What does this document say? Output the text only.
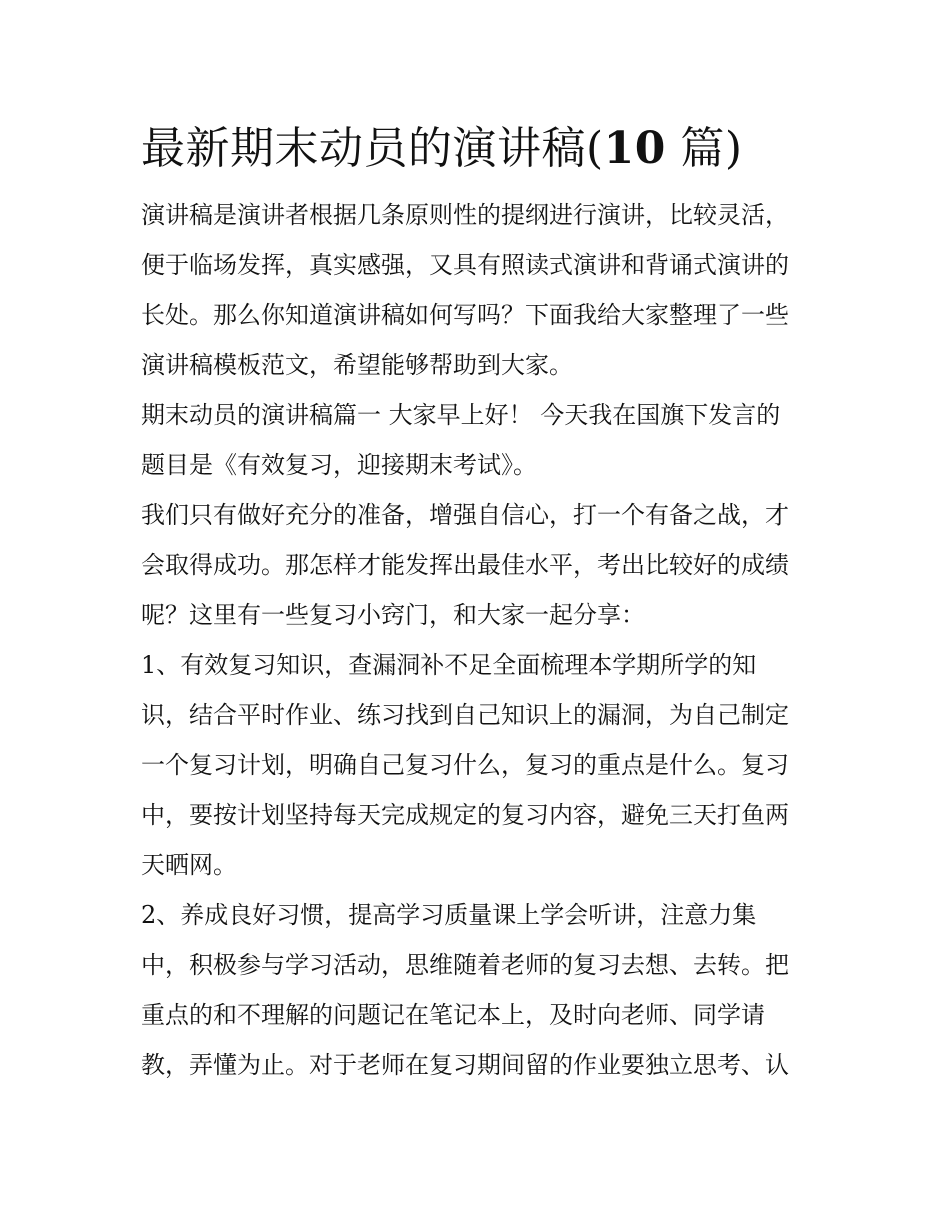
最新期末动员的演讲稿(10 篇)

演讲稿是演讲者根据几条原则性的提纲进行演讲，比较灵活，
便于临场发挥，真实感强，又具有照读式演讲和背诵式演讲的
长处。那么你知道演讲稿如何写吗？下面我给大家整理了一些
演讲稿模板范文，希望能够帮助到大家。

期末动员的演讲稿篇一 大家早上好！ 今天我在国旗下发言的
题目是《有效复习，迎接期末考试》。

我们只有做好充分的准备，增强自信心，打一个有备之战，才
会取得成功。那怎样才能发挥出最佳水平，考出比较好的成绩
呢？这里有一些复习小窍门，和大家一起分享：

1、有效复习知识，查漏洞补不足全面梳理本学期所学的知
识，结合平时作业、练习找到自己知识上的漏洞，为自己制定
一个复习计划，明确自己复习什么，复习的重点是什么。复习
中，要按计划坚持每天完成规定的复习内容，避免三天打鱼两
天晒网。

2、养成良好习惯，提高学习质量课上学会听讲，注意力集
中，积极参与学习活动，思维随着老师的复习去想、去转。把
重点的和不理解的问题记在笔记本上，及时向老师、同学请
教，弄懂为止。对于老师在复习期间留的作业要独立思考、认
